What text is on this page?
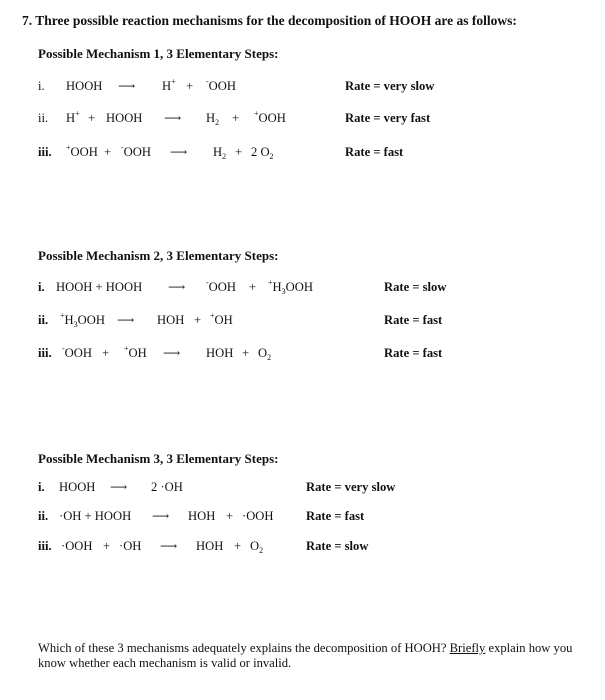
7. Three possible reaction mechanisms for the decomposition of HOOH are as follows:
Possible Mechanism 1, 3 Elementary Steps:
i. HOOH ⟶ H+ + -OOH	Rate = very slow
ii. H+ + HOOH ⟶ $H_2 + ^+OOH$	Rate = very fast
iii. +OOH + -OOH ⟶ $H_2 + 2$ $O_2$	Rate = fast
Possible Mechanism 2, 3 Elementary Steps:
i. HOOH + HOOH ⟶	$^-OOH + ^+H_3OOH$	Rate = slow
ii. $^+H_3OOH$ ⟶ HOH + +OH	Rate = fast
iii. -OOH + +OH ⟶ HOH + $O_2$	Rate = fast
Possible Mechanism 3, 3 Elementary Steps:
i. HOOH ⟶ 2 ·OH	Rate = very slow
ii. ·OH + HOOH ⟶ HOH + ·OOH	Rate = fast
iii. ·OOH + ·OH ⟶ HOH + $O_2$	Rate = slow
Which of these 3 mechanisms adequately explains the decomposition of HOOH? Briefly explain how you know whether each mechanism is valid or invalid.
